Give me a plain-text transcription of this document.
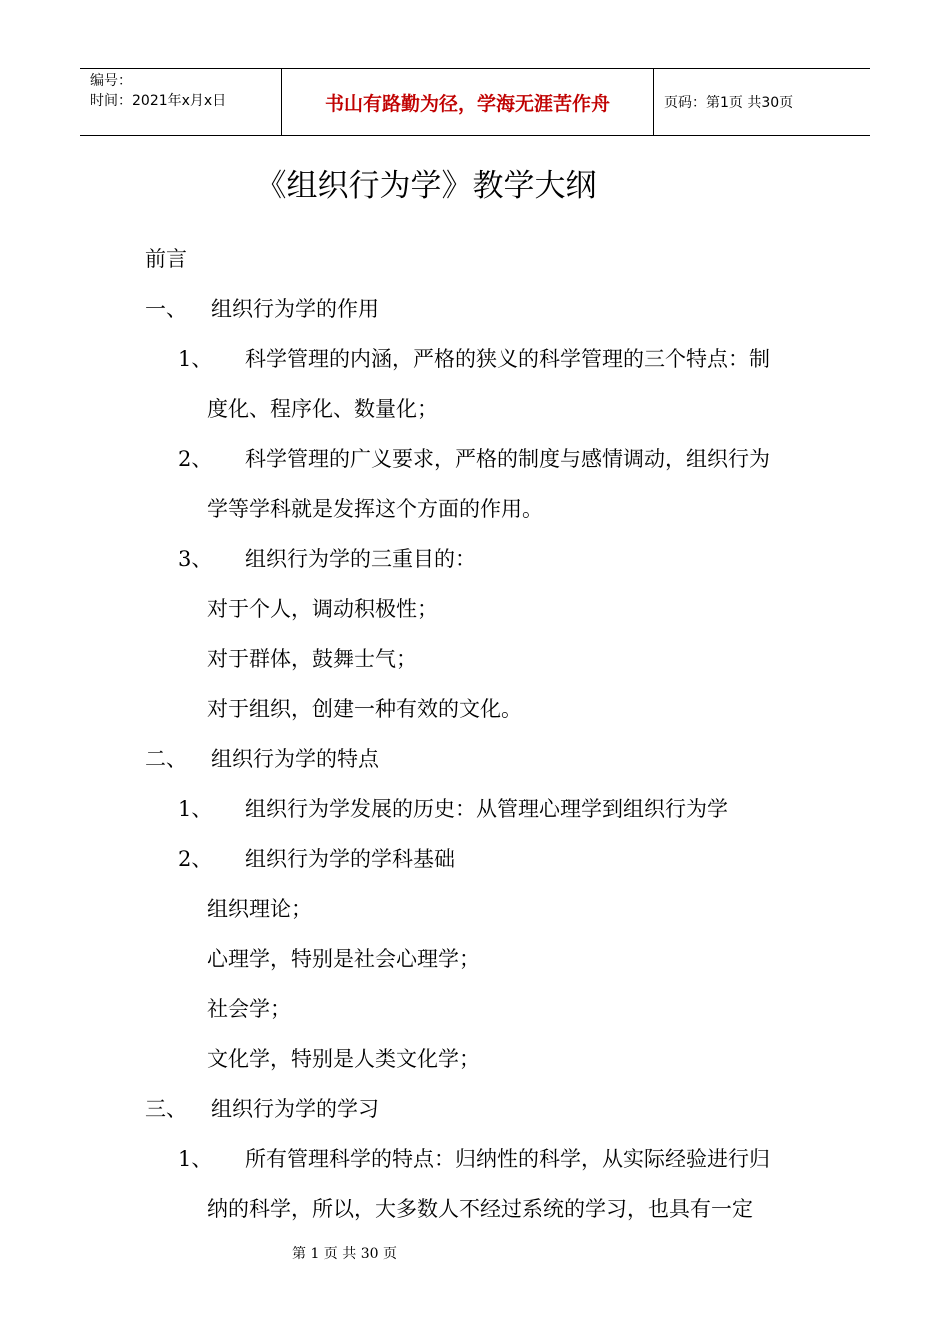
编号：
时间：2021年x月x日	书山有路勤为径，学海无涯苦作舟	页码：第1页 共30页
《组织行为学》教学大纲
前言
一、 组织行为学的作用
1、 科学管理的内涵，严格的狭义的科学管理的三个特点：制
度化、程序化、数量化；
2、 科学管理的广义要求，严格的制度与感情调动，组织行为
学等学科就是发挥这个方面的作用。
3、 组织行为学的三重目的：
对于个人，调动积极性；
对于群体，鼓舞士气；
对于组织，创建一种有效的文化。
二、 组织行为学的特点
1、 组织行为学发展的历史：从管理心理学到组织行为学
2、 组织行为学的学科基础
组织理论；
心理学，特别是社会心理学；
社会学；
文化学，特别是人类文化学；
三、 组织行为学的学习
1、 所有管理科学的特点：归纳性的科学，从实际经验进行归
纳的科学，所以，大多数人不经过系统的学习，也具有一定
第 1 页 共 30 页
